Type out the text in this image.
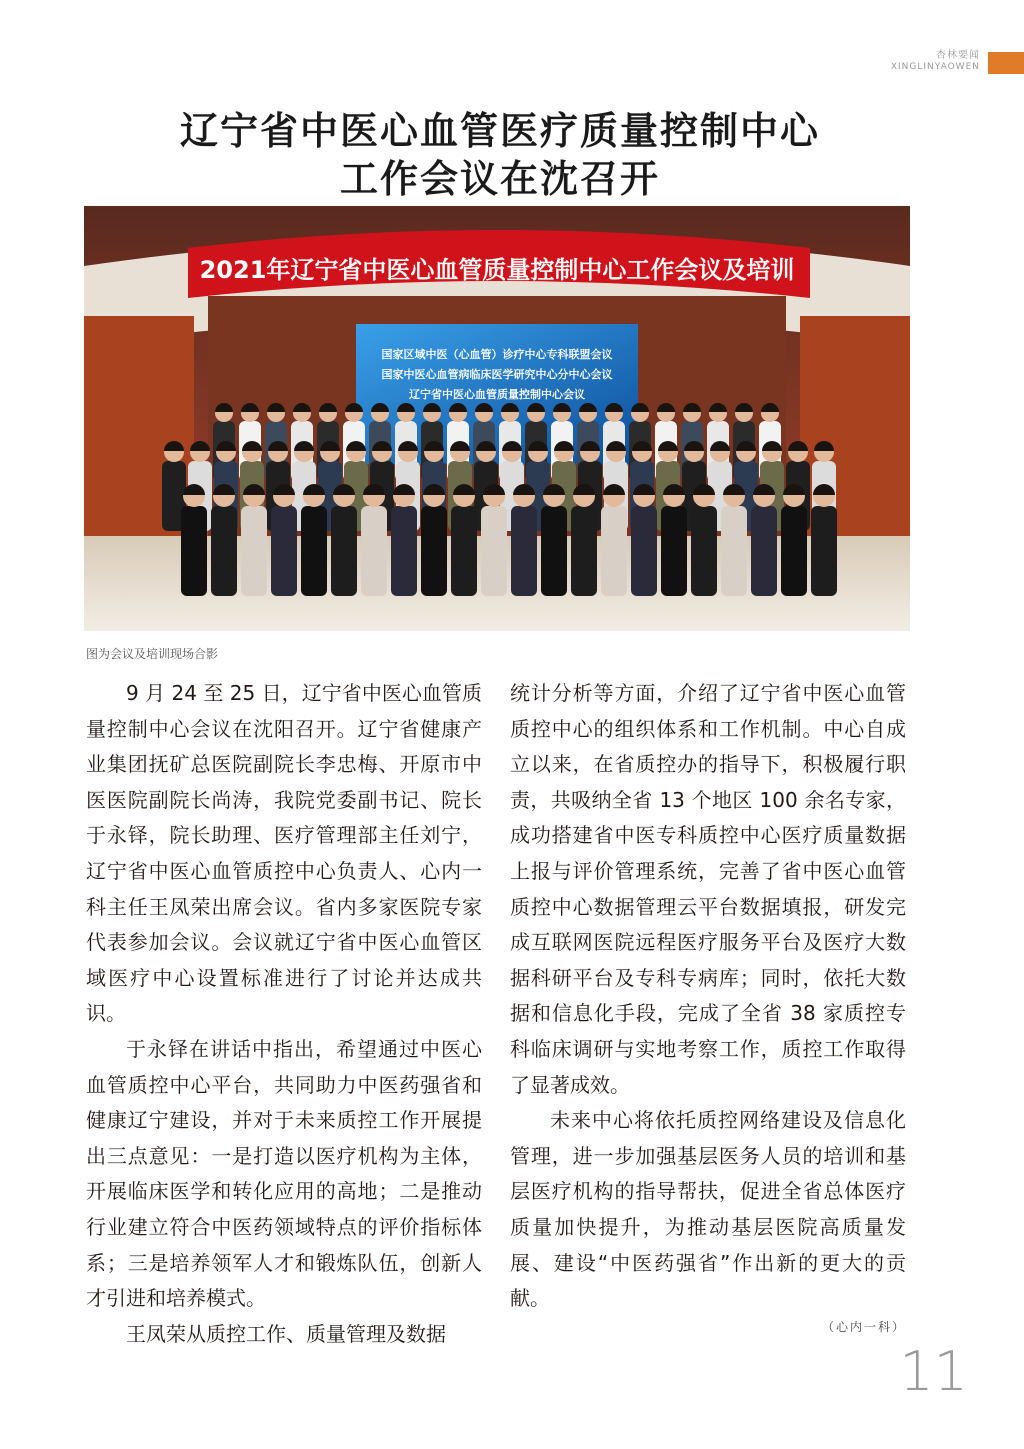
杏林要闻
XINGLINYAOWEN
辽宁省中医心血管医疗质量控制中心
工作会议在沈召开
国家区域中医（心血管）诊疗中心专科联盟会议
国家中医心血管病临床医学研究中心分中心会议
辽宁省中医心血管质量控制中心会议
2021年辽宁省中医心血管质量控制中心工作会议及培训
图为会议及培训现场合影

9 月 24 至 25 日，辽宁省中医心血管质量控制中心会议在沈阳召开。辽宁省健康产业集团抚矿总医院副院长李忠梅、开原市中医医院副院长尚涛，我院党委副书记、院长于永铎，院长助理、医疗管理部主任刘宁，辽宁省中医心血管质控中心负责人、心内一科主任王凤荣出席会议。省内多家医院专家代表参加会议。会议就辽宁省中医心血管区域医疗中心设置标准进行了讨论并达成共识。

于永铎在讲话中指出，希望通过中医心血管质控中心平台，共同助力中医药强省和健康辽宁建设，并对于未来质控工作开展提出三点意见：一是打造以医疗机构为主体，开展临床医学和转化应用的高地；二是推动行业建立符合中医药领域特点的评价指标体系；三是培养领军人才和锻炼队伍，创新人才引进和培养模式。

王凤荣从质控工作、质量管理及数据

统计分析等方面，介绍了辽宁省中医心血管质控中心的组织体系和工作机制。中心自成立以来，在省质控办的指导下，积极履行职责，共吸纳全省 13 个地区 100 余名专家，成功搭建省中医专科质控中心医疗质量数据上报与评价管理系统，完善了省中医心血管质控中心数据管理云平台数据填报，研发完成互联网医院远程医疗服务平台及医疗大数据科研平台及专科专病库；同时，依托大数据和信息化手段，完成了全省 38 家质控专科临床调研与实地考察工作，质控工作取得了显著成效。

未来中心将依托质控网络建设及信息化管理，进一步加强基层医务人员的培训和基层医疗机构的指导帮扶，促进全省总体医疗质量加快提升，为推动基层医院高质量发展、建设“中医药强省”作出新的更大的贡献。

（心内一科）
11
